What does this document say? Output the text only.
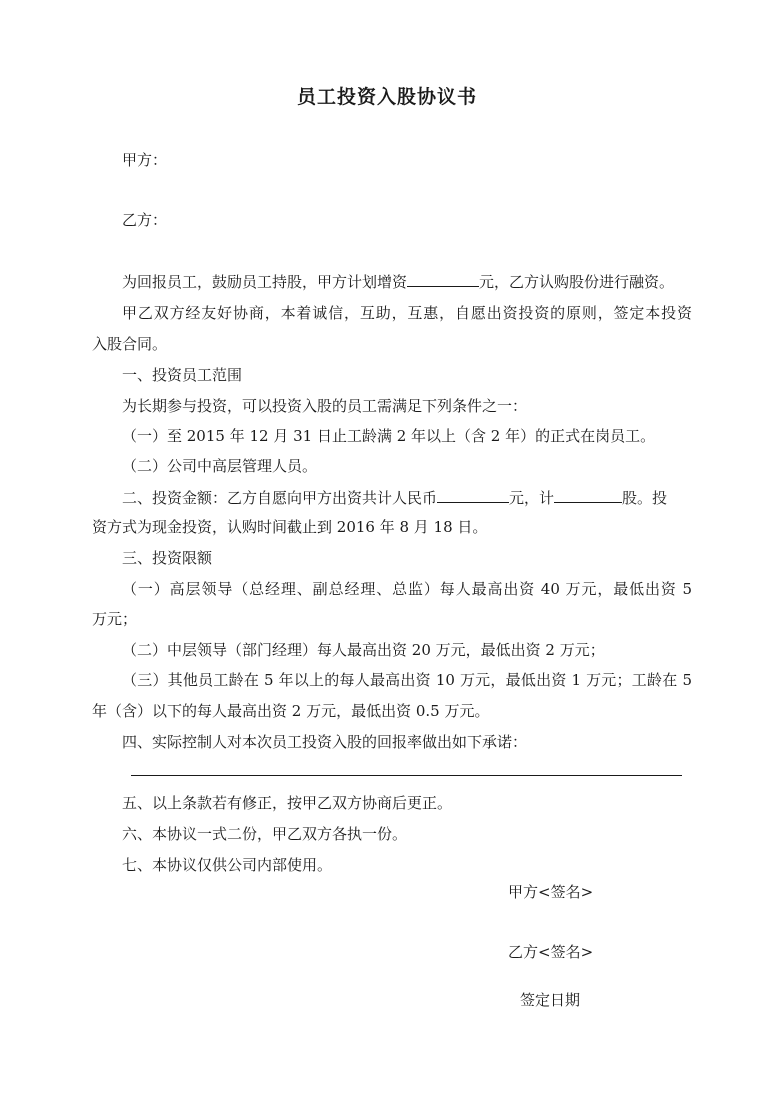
员工投资入股协议书
甲方：
乙方：
为回报员工，鼓励员工持股，甲方计划增资	元，乙方认购股份进行融资。
甲乙双方经友好协商，本着诚信，互助，互惠，自愿出资投资的原则，签定本投资
入股合同。
一、投资员工范围
为长期参与投资，可以投资入股的员工需满足下列条件之一：
（一）至 2015 年 12 月 31 日止工龄满 2 年以上（含 2 年）的正式在岗员工。
（二）公司中高层管理人员。
二、投资金额：乙方自愿向甲方出资共计人民币	元，计	股。投
资方式为现金投资，认购时间截止到 2016 年 8 月 18 日。
三、投资限额
（一）高层领导（总经理、副总经理、总监）每人最高出资 40 万元，最低出资 5
万元；
（二）中层领导（部门经理）每人最高出资 20 万元，最低出资 2 万元；
（三）其他员工龄在 5 年以上的每人最高出资 10 万元，最低出资 1 万元；工龄在 5
年（含）以下的每人最高出资 2 万元，最低出资 0.5 万元。
四、实际控制人对本次员工投资入股的回报率做出如下承诺：
五、以上条款若有修正，按甲乙双方协商后更正。
六、本协议一式二份，甲乙双方各执一份。
七、本协议仅供公司内部使用。
甲方<签名>
乙方<签名>
签定日期
